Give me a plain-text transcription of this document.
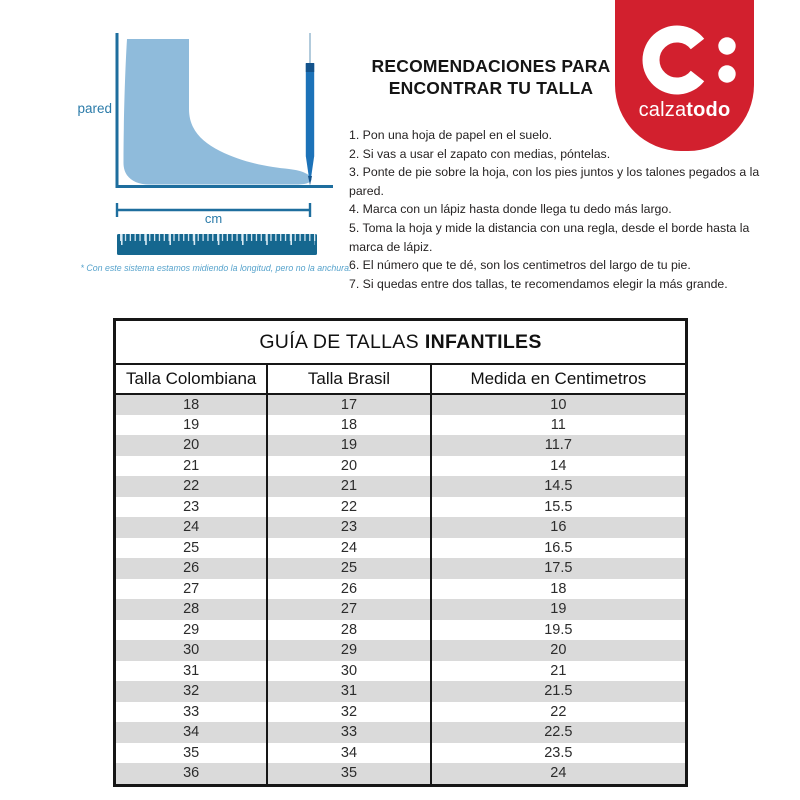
pared
cm
* Con este sistema estamos midiendo la longitud, pero no la anchura.
RECOMENDACIONES PARA
ENCONTRAR TU TALLA
1. Pon una hoja de papel en el suelo.
2. Si vas a usar el zapato con medias, póntelas.
3. Ponte de pie sobre la hoja, con los pies juntos y los talones pegados a la pared.
4. Marca con un lápiz hasta donde llega tu dedo más largo.
5. Toma la hoja y mide la distancia con una regla, desde el borde hasta la marca de lápiz.
6. El número que te dé, son los centimetros del largo de tu pie.
7. Si quedas entre dos tallas, te recomendamos elegir la más grande.
calzatodo
GUÍA DE TALLAS INFANTILES
Talla Colombiana	Talla Brasil	Medida en Centimetros
18	17	10
19	18	11
20	19	11.7
21	20	14
22	21	14.5
23	22	15.5
24	23	16
25	24	16.5
26	25	17.5
27	26	18
28	27	19
29	28	19.5
30	29	20
31	30	21
32	31	21.5
33	32	22
34	33	22.5
35	34	23.5
36	35	24
